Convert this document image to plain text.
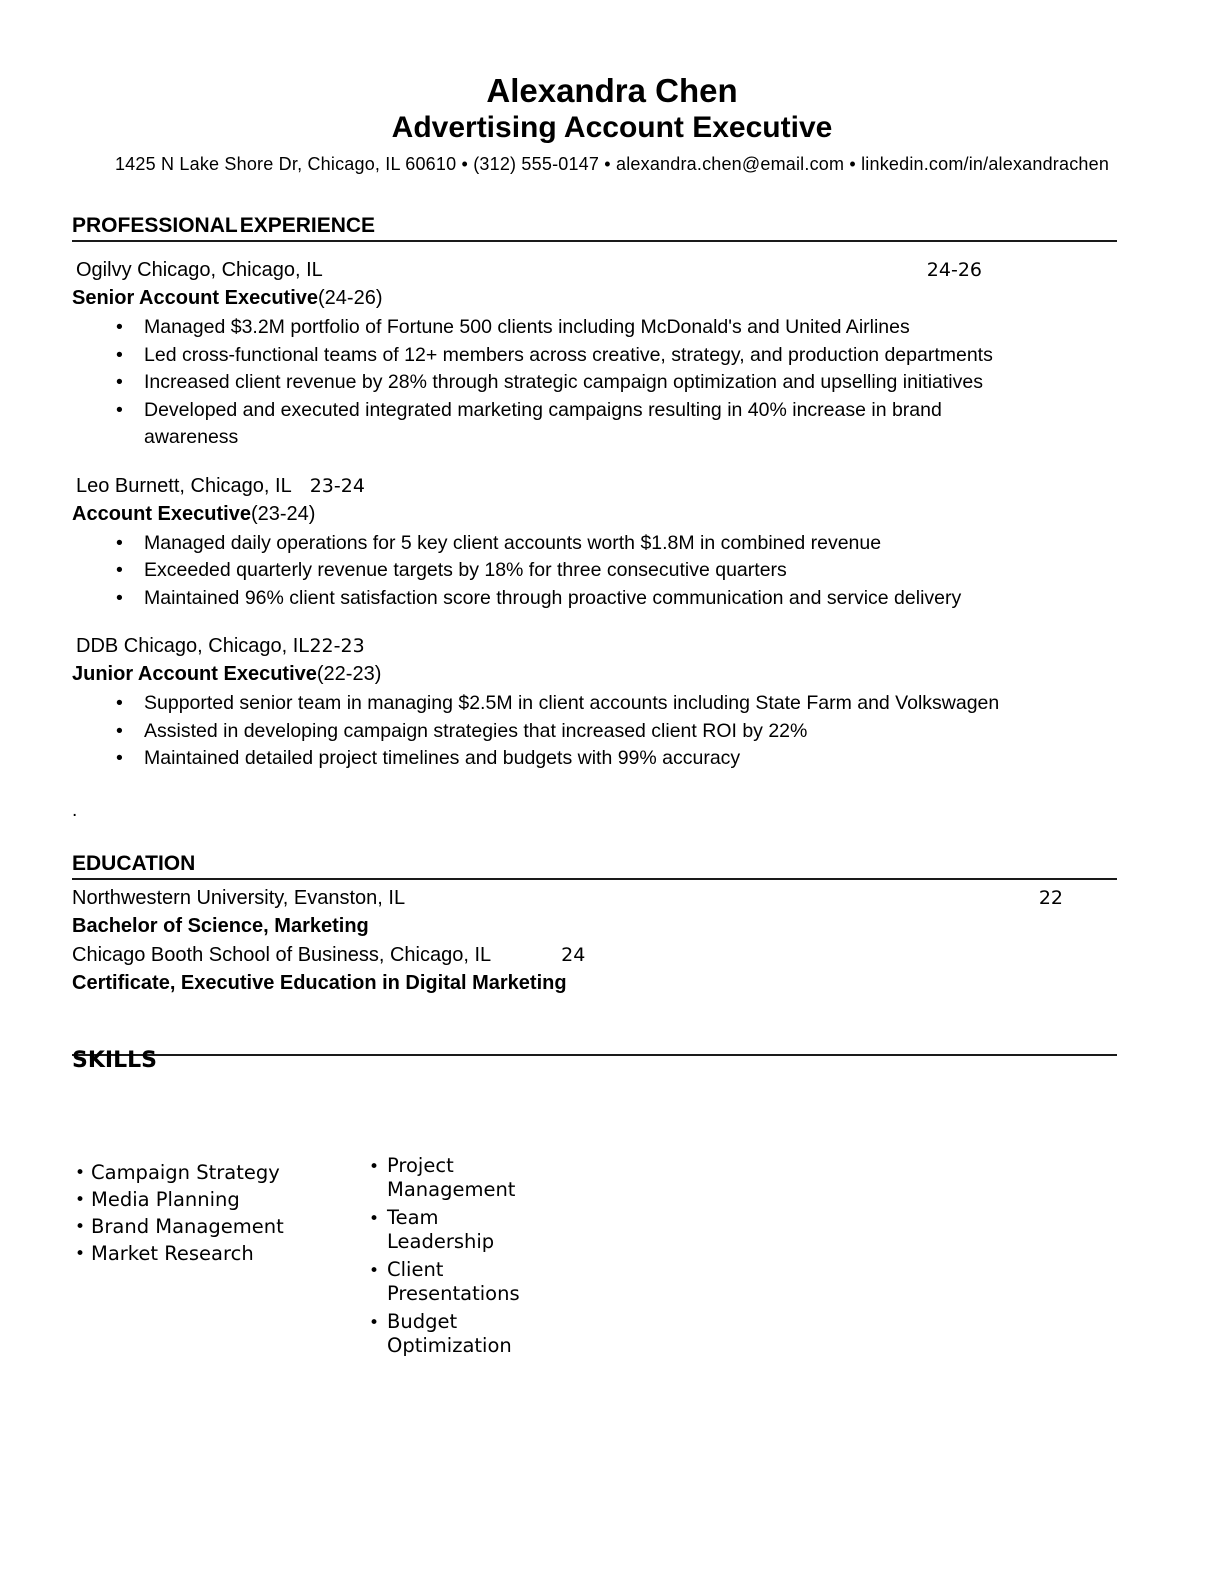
Alexandra Chen
Advertising Account Executive
1425 N Lake Shore Dr, Chicago, IL 60610 • (312) 555-0147 • alexandra.chen@email.com • linkedin.com/in/alexandrachen
PROFESSIONALEXPERIENCE
Ogilvy Chicago, Chicago, IL	24-26
Senior Account Executive(24-26)
• Managed $3.2M portfolio of Fortune 500 clients including McDonald's and United Airlines
• Led cross-functional teams of 12+ members across creative, strategy, and production departments
• Increased client revenue by 28% through strategic campaign optimization and upselling initiatives
• Developed and executed integrated marketing campaigns resulting in 40% increase in brand awareness
Leo Burnett, Chicago, IL 23-24
Account Executive(23-24)
• Managed daily operations for 5 key client accounts worth $1.8M in combined revenue
• Exceeded quarterly revenue targets by 18% for three consecutive quarters
• Maintained 96% client satisfaction score through proactive communication and service delivery
DDB Chicago, Chicago, IL22-23
Junior Account Executive(22-23)
• Supported senior team in managing $2.5M in client accounts including State Farm and Volkswagen
• Assisted in developing campaign strategies that increased client ROI by 22%
• Maintained detailed project timelines and budgets with 99% accuracy
.
EDUCATION
Northwestern University, Evanston, IL	22
Bachelor of Science, Marketing
Chicago Booth School of Business, Chicago, IL	24
Certificate, Executive Education in Digital Marketing
SKILLS
• Campaign Strategy
• Media Planning
• Brand Management
• Market Research
• Project Management
• Team Leadership
• Client Presentations
• Budget Optimization
